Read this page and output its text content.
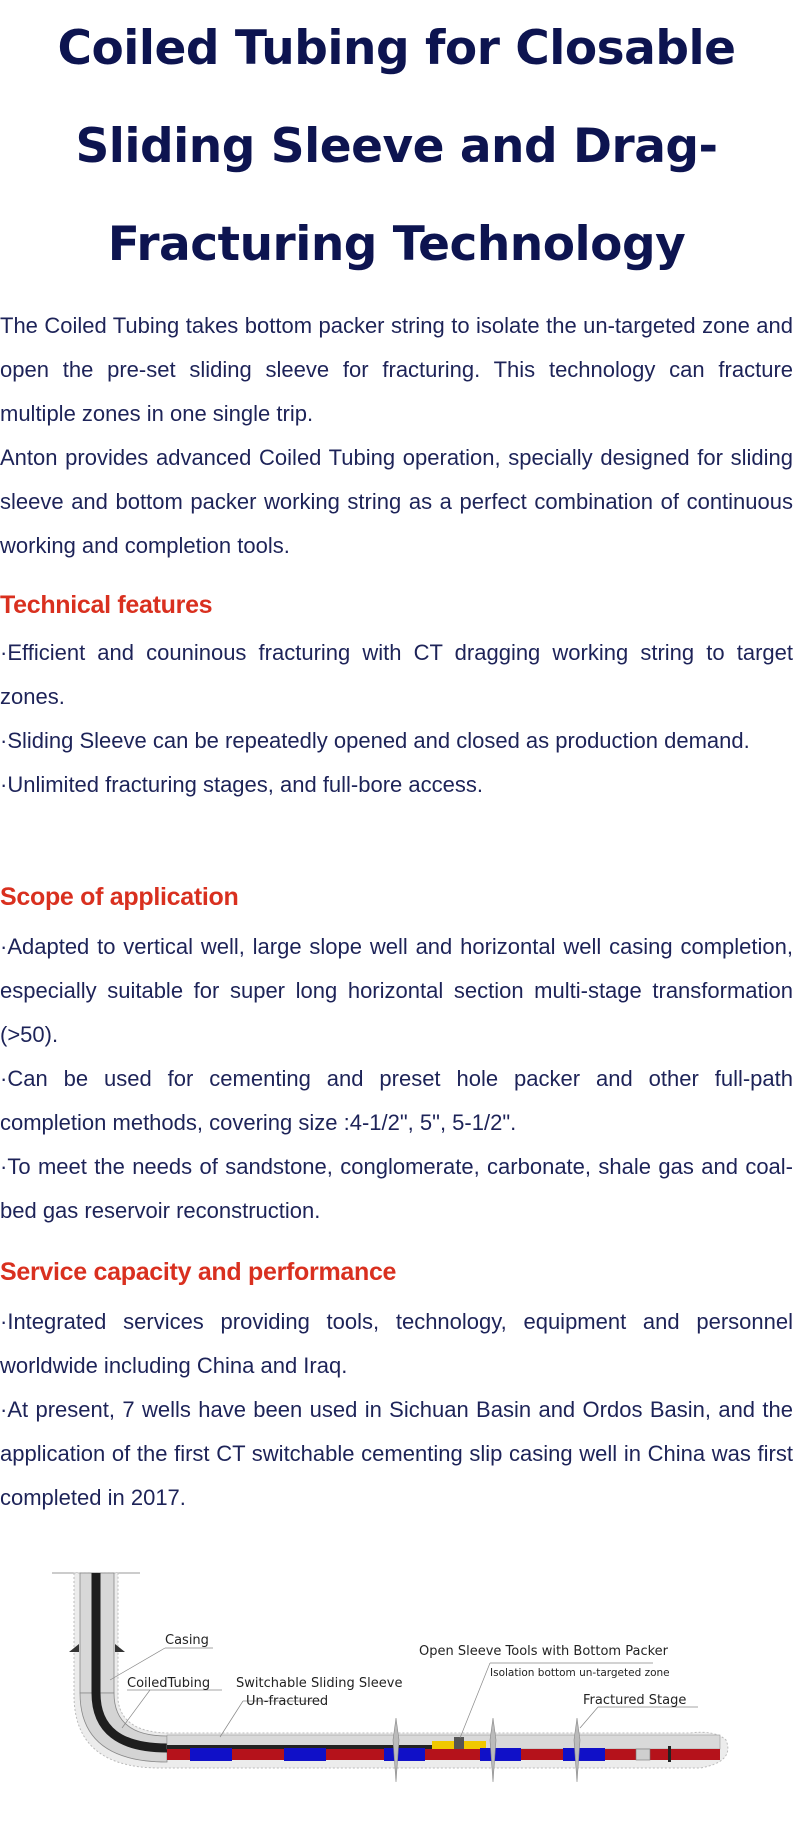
Coiled Tubing for Closable
Sliding Sleeve and Drag-
Fracturing Technology

The Coiled Tubing takes bottom packer string to isolate the un-targeted zone and open the pre-set sliding sleeve for fracturing. This technology can fracture multiple zones in one single trip.

Anton provides advanced Coiled Tubing operation, specially designed for sliding sleeve and bottom packer working string as a perfect combination of continuous working and completion tools.

Technical features

·Efficient and couninous fracturing with CT dragging working string to target zones.

·Sliding Sleeve can be repeatedly opened and closed as production demand.

·Unlimited fracturing stages, and full-bore access.

Scope of application

·Adapted to vertical well, large slope well and horizontal well casing completion, especially suitable for super long horizontal section multi-stage transformation (>50).

·Can be used for cementing and preset hole packer and other full-path completion methods, covering size :4-1/2", 5", 5-1/2".

·To meet the needs of sandstone, conglomerate, carbonate, shale gas and coal-bed gas reservoir reconstruction.

Service capacity and performance

·Integrated services providing tools, technology, equipment and personnel worldwide including China and Iraq.

·At present, 7 wells have been used in Sichuan Basin and Ordos Basin, and the application of the first CT switchable cementing slip casing well in China was first completed in 2017.

Casing
CoiledTubing Switchable Sliding Sleeve
Un-fractured
Open Sleeve Tools with Bottom Packer
Isolation bottom un-targeted zone
Fractured Stage
